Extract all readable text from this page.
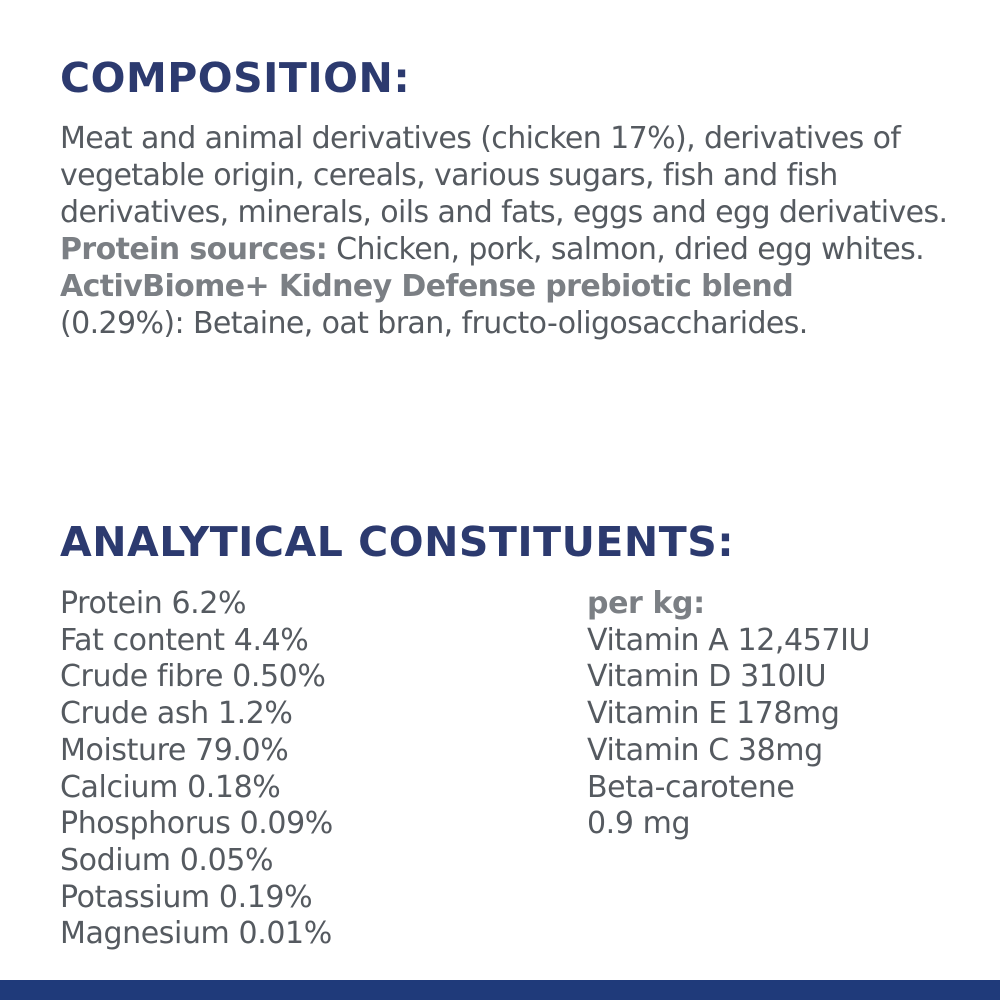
COMPOSITION:

Meat and animal derivatives (chicken 17%), derivatives of vegetable origin, cereals, various sugars, fish and fish derivatives, minerals, oils and fats, eggs and egg derivatives.
Protein sources: Chicken, pork, salmon, dried egg whites.
ActivBiome+ Kidney Defense prebiotic blend
(0.29%): Betaine, oat bran, fructo-oligosaccharides.

ANALYTICAL CONSTITUENTS:
Protein 6.2%
Fat content 4.4%
Crude fibre 0.50%
Crude ash 1.2%
Moisture 79.0%
Calcium 0.18%
Phosphorus 0.09%
Sodium 0.05%
Potassium 0.19%
Magnesium 0.01%
per kg:
Vitamin A 12,457IU
Vitamin D 310IU
Vitamin E 178mg
Vitamin C 38mg
Beta-carotene
0.9 mg
